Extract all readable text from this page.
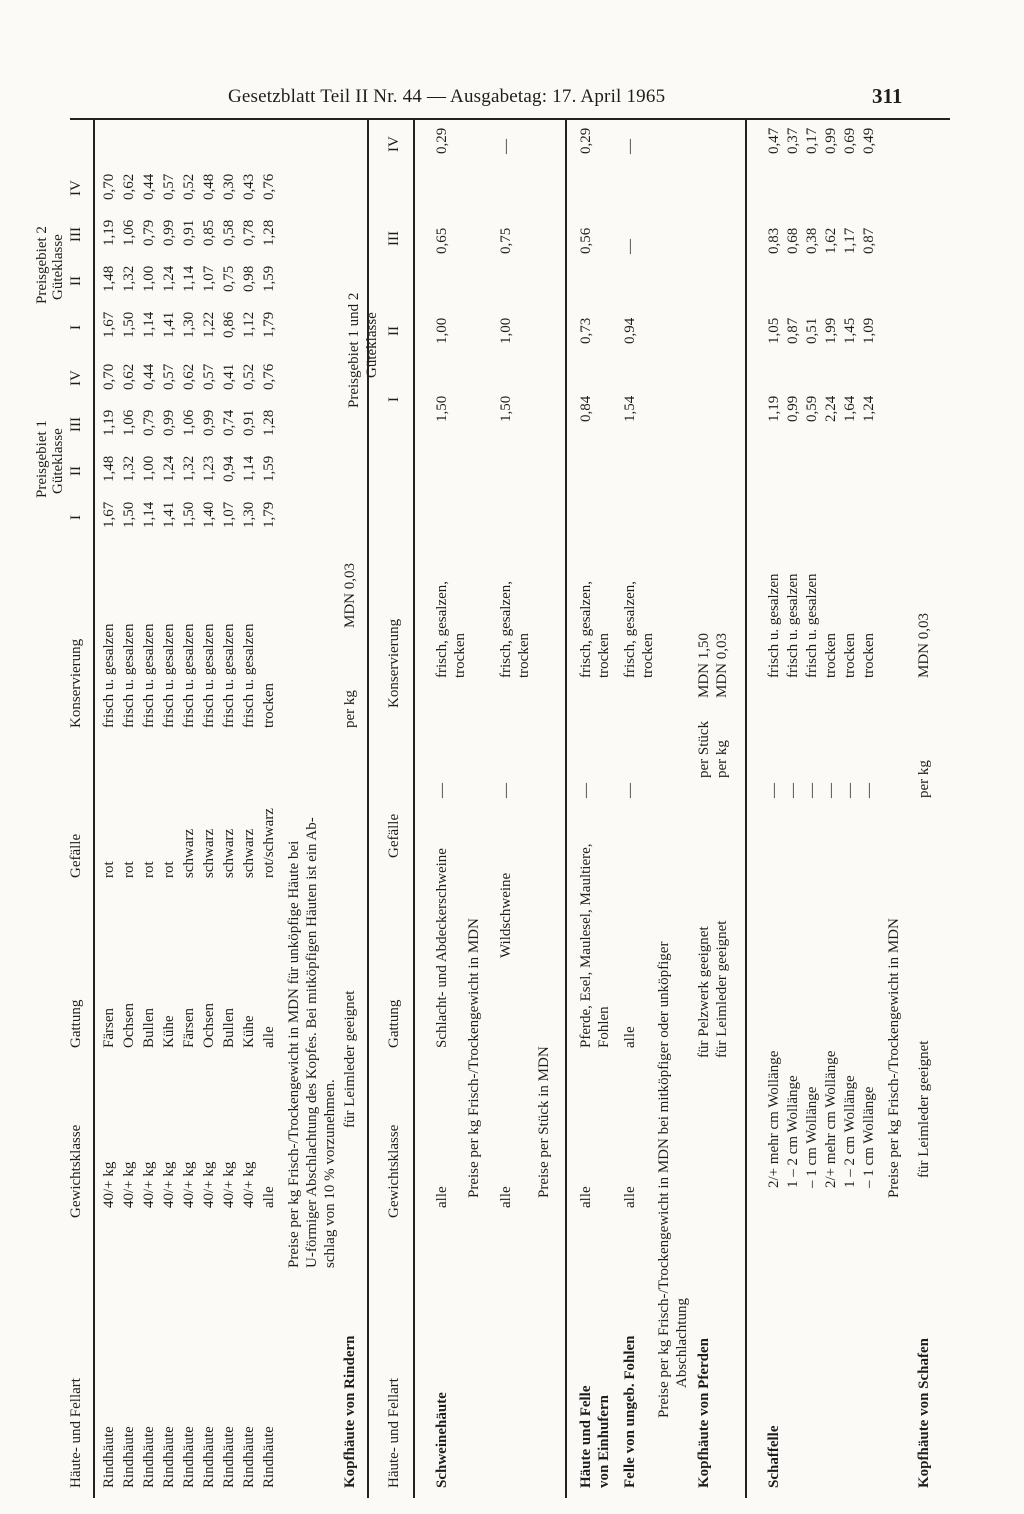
Gesetzblatt Teil II Nr. 44 — Ausgabetag: 17. April 1965	311
Häute- und Fellart
Gewichtsklasse
Gattung
Gefälle
Konservierung
Preisgebiet 1 Güteklasse
I
II
III
IV
Preisgebiet 2 Güteklasse
I
II
III
IV
Rindhäute
40/+ kg
Färsen
rot
frisch u. gesalzen
1,67
1,48
1,19
0,70
1,67
1,48
1,19
0,70
Rindhäute
40/+ kg
Ochsen
rot
frisch u. gesalzen
1,50
1,32
1,06
0,62
1,50
1,32
1,06
0,62
Rindhäute
40/+ kg
Bullen
rot
frisch u. gesalzen
1,14
1,00
0,79
0,44
1,14
1,00
0,79
0,44
Rindhäute
40/+ kg
Kühe
rot
frisch u. gesalzen
1,41
1,24
0,99
0,57
1,41
1,24
0,99
0,57
Rindhäute
40/+ kg
Färsen
schwarz
frisch u. gesalzen
1,50
1,32
1,06
0,62
1,30
1,14
0,91
0,52
Rindhäute
40/+ kg
Ochsen
schwarz
frisch u. gesalzen
1,40
1,23
0,99
0,57
1,22
1,07
0,85
0,48
Rindhäute
40/+ kg
Bullen
schwarz
frisch u. gesalzen
1,07
0,94
0,74
0,41
0,86
0,75
0,58
0,30
Rindhäute
40/+ kg
Kühe
schwarz
frisch u. gesalzen
1,30
1,14
0,91
0,52
1,12
0,98
0,78
0,43
Rindhäute
alle
alle
rot/schwarz
trocken
1,79
1,59
1,28
0,76
1,79
1,59
1,28
0,76
Preise per kg Frisch-/Trockengewicht in MDN für unköpfige Häute bei U-förmiger Abschlachtung des Kopfes. Bei mitköpfigen Häuten ist ein Ab- schlag von 10 % vorzunehmen.
Kopfhäute von Rindern
für Leimleder geeignet
per kg
MDN 0,03
Häute- und Fellart
Gewichtsklasse
Gattung
Gefälle
Konservierung
Preisgebiet 1 und 2 Güteklasse
I
II
III
IV
Schweinehäute
alle
Schlacht- und Abdeckerschweine
—
frisch, gesalzen, trocken
1,50
1,00
0,65
0,29
Preise per kg Frisch-/Trockengewicht in MDN alle
Wildschweine
—
frisch, gesalzen, trocken
1,50
1,00
0,75
—
Preise per Stück in MDN
Häute und Felle von Einhufern
alle
Pferde, Esel, Maulesel, Maultiere, Fohlen
—
frisch, gesalzen, trocken
0,84
0,73
0,56
0,29
Felle von ungeb. Fohlen
alle
alle
—
frisch, gesalzen, trocken
1,54
0,94
—
—
Preise per kg Frisch-/Trockengewicht in MDN bei mitköpfiger oder unköpfiger Abschlachtung Kopfhäute von Pferden
für Pelzwerk geeignet für Leimleder geeignet
per Stück per kg
MDN 1,50 MDN 0,03
Schaffelle
2/+ mehr cm Wollänge
—
frisch u. gesalzen
1,19
1,05
0,83
0,47
1 – 2 cm Wollänge
—
frisch u. gesalzen
0,99
0,87
0,68
0,37
– 1 cm Wollänge
—
frisch u. gesalzen
0,59
0,51
0,38
0,17
2/+ mehr cm Wollänge
—
trocken
2,24
1,99
1,62
0,99
1 – 2 cm Wollänge
—
trocken
1,64
1,45
1,17
0,69
– 1 cm Wollänge
—
trocken
1,24
1,09
0,87
0,49
Preise per kg Frisch-/Trockengewicht in MDN
Kopfhäute von Schafen
für Leimleder geeignet
per kg
MDN 0,03
